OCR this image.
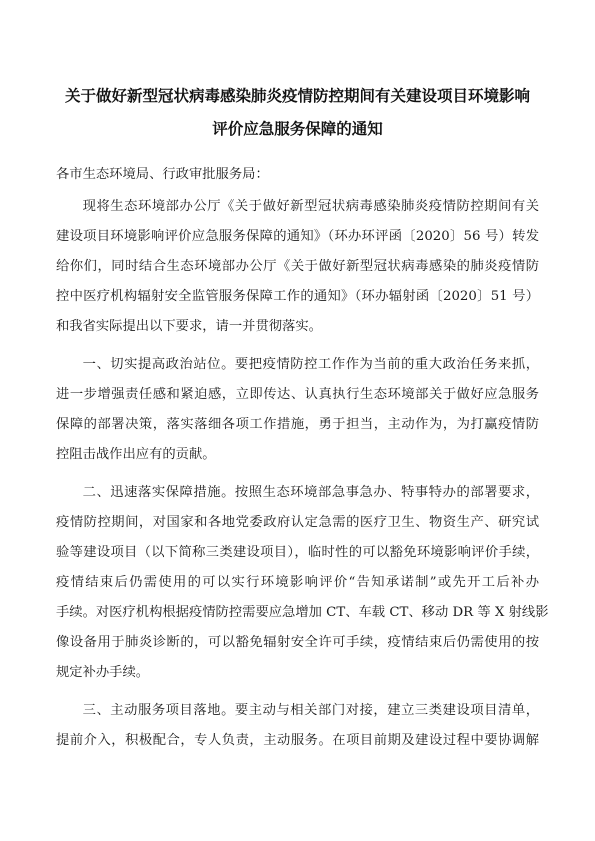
关于做好新型冠状病毒感染肺炎疫情防控期间有关建设项目环境影响
评价应急服务保障的通知

各市生态环境局、行政审批服务局：

现将生态环境部办公厅《关于做好新型冠状病毒感染肺炎疫情防控期间有关
建设项目环境影响评价应急服务保障的通知》（环办环评函〔2020〕56 号）转发
给你们，同时结合生态环境部办公厅《关于做好新型冠状病毒感染的肺炎疫情防
控中医疗机构辐射安全监管服务保障工作的通知》（环办辐射函〔2020〕51 号）
和我省实际提出以下要求，请一并贯彻落实。

一、切实提高政治站位。要把疫情防控工作作为当前的重大政治任务来抓，
进一步增强责任感和紧迫感，立即传达、认真执行生态环境部关于做好应急服务
保障的部署决策，落实落细各项工作措施，勇于担当，主动作为，为打赢疫情防
控阻击战作出应有的贡献。

二、迅速落实保障措施。按照生态环境部急事急办、特事特办的部署要求，
疫情防控期间，对国家和各地党委政府认定急需的医疗卫生、物资生产、研究试
验等建设项目（以下简称三类建设项目），临时性的可以豁免环境影响评价手续，
疫情结束后仍需使用的可以实行环境影响评价“告知承诺制”或先开工后补办
手续。对医疗机构根据疫情防控需要应急增加 CT、车载 CT、移动 DR 等 X 射线影
像设备用于肺炎诊断的，可以豁免辐射安全许可手续，疫情结束后仍需使用的按
规定补办手续。

三、主动服务项目落地。要主动与相关部门对接，建立三类建设项目清单，
提前介入，积极配合，专人负责，主动服务。在项目前期及建设过程中要协调解
